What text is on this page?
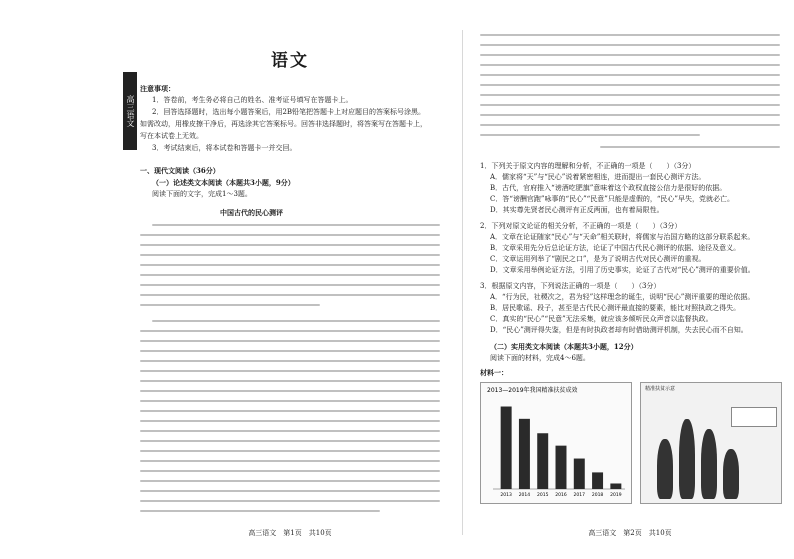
高三语文
语文
注意事项：
1．答卷前，考生务必将自己的姓名、准考证号填写在答题卡上。
2．回答选择题时，选出每小题答案后，用2B铅笔把答题卡上对应题目的答案标号涂黑。
如需改动，用橡皮擦干净后，再选涂其它答案标号。回答非选择题时，将答案写在答题卡上，
写在本试卷上无效。
3．考试结束后，将本试卷和答题卡一并交回。
一、现代文阅读（36分）
（一）论述类文本阅读（本题共3小题，9分）
阅读下面的文字，完成1～3题。
中国古代的民心测评
高三语文　第1页　共10页
1．下列关于原文内容的理解和分析，不正确的一项是（　　）（3分）
A．儒家将“天”与“民心”说着紧密相连，进而提出一套民心测评方法。
B．古代，官府推入“谤酒吃肥旗”意味着这个政权直接公信力是很好的依据。
C．答“谤酬官跑”咏事的“民心”“民意”只能是虚假的，“民心”早失，党就必亡。
D．其实尊先贤者民心测评有正反两面，也有着局限性。
2．下列对原文论证的相关分析，不正确的一项是（　　）（3分）
A．文章在论证随家“民心”与“天命”相关联时，将儒家与治国方略的这部分联系起来。
B．文章采用先分后总论证方法，论证了中国古代民心测评的依据、途径及意义。
C．文章运用列举了“剧民之口”，是为了说明古代对民心测评的重视。
D．文章采用举例论证方法，引用了历史事实，论证了古代对“民心”测评的重要价值。
3．根据原文内容，下列说法正确的一项是（　　）（3分）
A．“行为民，社稷次之，君为轻”这样理念的诞生，说明“民心”测评重要的理论依据。
B．居民歌谣、段子，甚至是古代民心测评最直接的要素，能比对照执政之得失。
C．真实的“民心”“民意”无法采集，就应该多倾听民众声音以监督执政。
D．“民心”测评得失鉴，但是有时执政者却有时借助测评机制，失去民心而不自知。
（二）实用类文本阅读（本题共3小题，12分）
阅读下面的材料，完成4～6题。
材料一：
2013—2019年我国精准扶贫成效
2013 2014 2015 2016 2017 2018 2019
精准扶贫示意
高三语文　第2页　共10页
